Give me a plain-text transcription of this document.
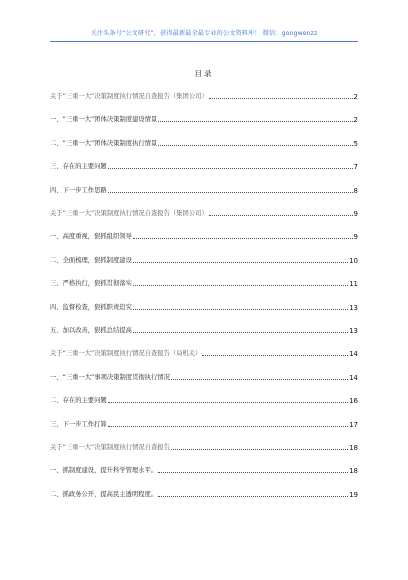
关注头条号“公文研究”，获得最新最全最专业的公文资料库！ 微信：gongwenzz
目录
关于“三重一大”决策制度执行情况自查报告（集团公司）	2
一、“三重一大”团体决策制度建设情景	2
二、“三重一大”团体决策制度执行情景	5
三、存在的主要问题	7
四、下一步工作思路	8
关于“三重一大”决策制度执行情况自查报告（集团公司）	9
一、高度重视，狠抓组织领导	9
二、全面梳理，狠抓制度建设	10
三、严格执行，狠抓贯彻落实	11
四、监督检查，狠抓职责追究	13
五、加以改善，狠抓总结提高	13
关于“三重一大”决策制度执行情况自查报告（局机关）	14
一、“三重一大”事项决策制度贯彻执行情况	14
二、存在的主要问题	16
三、下一步工作打算	17
关于“三重一大”决策制度执行情况自查报告	18
一、抓制度建设，提升科学管理水平。	18
二、抓政务公开，提高民主透明程度。	19
